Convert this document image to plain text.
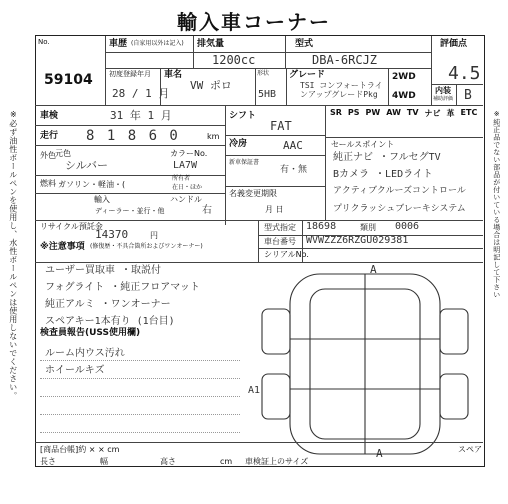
輸入車コーナー
※必ず油性ボールペンを使用し、水性ボールペンは使用しないでください。	※純正品でない部品が付いている場合は明記して下さい
No.
59104
車歴 (自家用以外は記入) 排気量
1200cc
型式
DBA-6RCJZ
評価点
4.5
初度登録年月
28 / 1 月
車名
VW ポロ
形状
5HB
グレード
TSI コンフォートラインアップグレードPkg
2WD
4WD
内装
補助評価 B
車検	31 年 1 月
走行 8 1 8 6 0	km
外色 元色
シルバー
カラーNo.
LA7W
燃料 ガソリン・軽油・(
所有者
在日・ほか
輸入
ディーラー・並行・他
ハンドル
右
リサイクル預託金
14370	円
シフト
FAT
冷房	AAC
新車保証書
有・無
名義変更期限
月 日
SR PS PW AW TV ナビ 革 ETC
セールスポイント
純正ナビ ・フルセグTV
Bカメラ ・LEDライト
アクティブクルーズコントロール
プリクラッシュブレーキシステム
型式指定 18698	類別 0006
車台番号 WVWZZZ6RZGU029381
シリアルNo.
※注意事項 (修復歴・不具合箇所およびワンオーナー)
ユーザー買取車 ・取説付
フォグライト ・純正フロアマット
純正アルミ ・ワンオーナー
スペアキー1本有り (1台目)
検査員報告(USS使用欄)
ルーム内ウス汚れ
ホイールキズ
A
A
A1
[商品台帳]約 × × cm
長さ	幅	高さ	cm 車検証上のサイズ
スペア
